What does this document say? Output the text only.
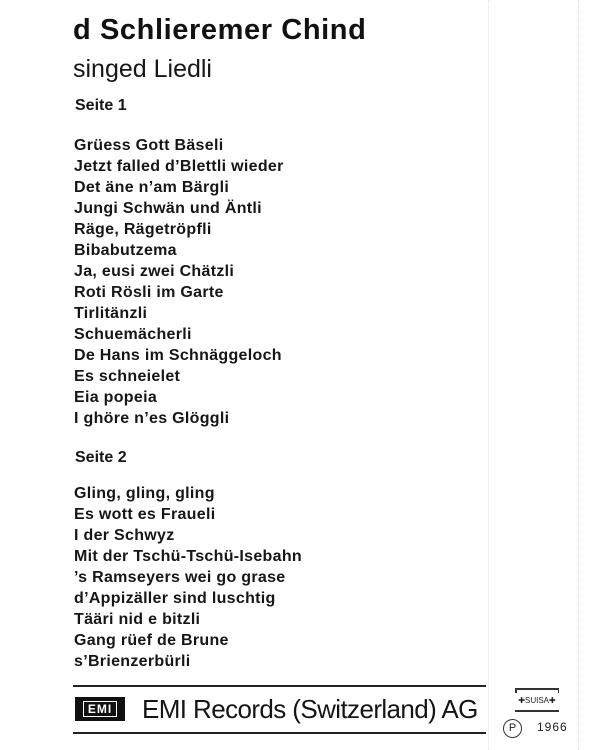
d Schlieremer Chind
singed Liedli
Seite 1
Grüess Gott Bäseli
Jetzt falled d’Blettli wieder
Det äne n’am Bärgli
Jungi Schwän und Äntli
Räge, Rägetröpfli
Bibabutzema
Ja, eusi zwei Chätzli
Roti Rösli im Garte
Tirlitänzli
Schuemächerli
De Hans im Schnäggeloch
Es schneielet
Eia popeia
I ghöre n’es Glöggli
Seite 2
Gling, gling, gling
Es wott es Fraueli
I der Schwyz
Mit der Tschü-Tschü-Isebahn
’s Ramseyers wei go grase
d’Appizäller sind luschtig
Tääri nid e bitzli
Gang rüef de Brune
s’Brienzerbürli
EMI EMI Records (Switzerland) AG	✚SUISA✚
P	1966
